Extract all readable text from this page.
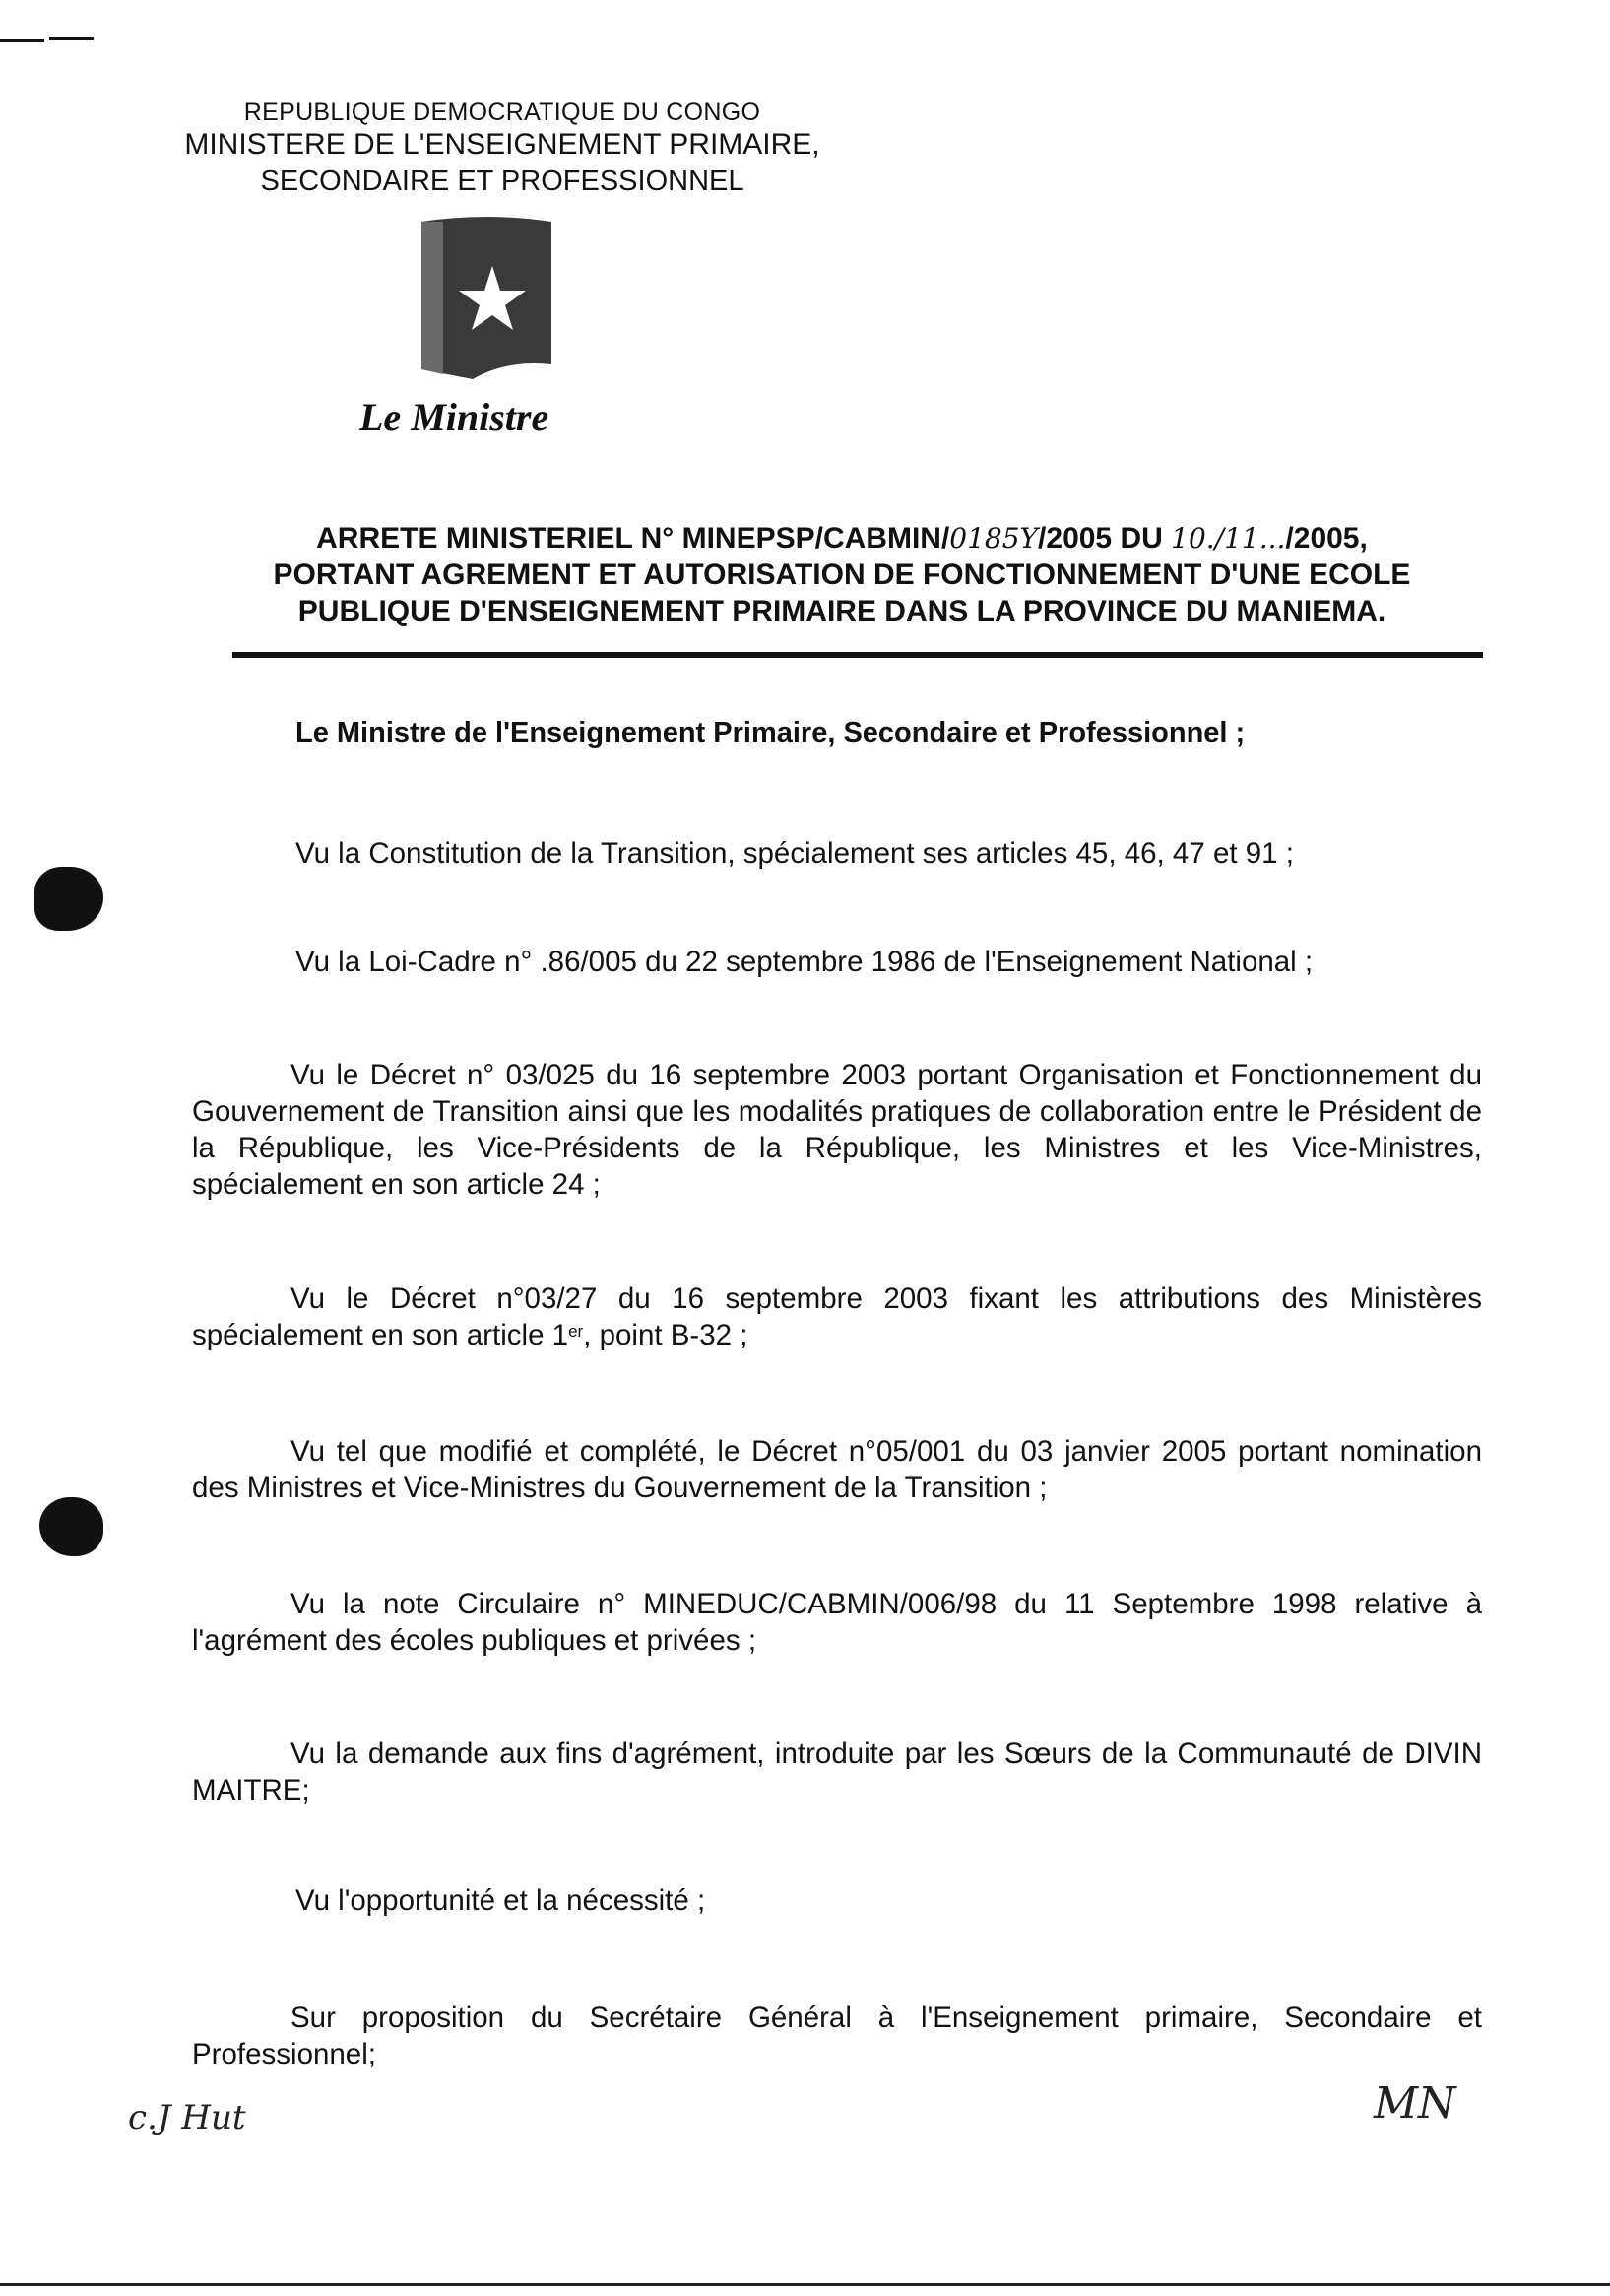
REPUBLIQUE DEMOCRATIQUE DU CONGO
MINISTERE DE L'ENSEIGNEMENT PRIMAIRE,
SECONDAIRE ET PROFESSIONNEL
Le Ministre
ARRETE MINISTERIEL N° MINEPSP/CABMIN/0185Y/2005 DU 10./11.../2005,
PORTANT AGREMENT ET AUTORISATION DE FONCTIONNEMENT D'UNE ECOLE
PUBLIQUE D'ENSEIGNEMENT PRIMAIRE DANS LA PROVINCE DU MANIEMA.
Le Ministre de l'Enseignement Primaire, Secondaire et Professionnel ;
Vu la Constitution de la Transition, spécialement ses articles 45, 46, 47 et 91 ;
Vu la Loi-Cadre n° .86/005 du 22 septembre 1986 de l'Enseignement National ;
Vu le Décret n° 03/025 du 16 septembre 2003 portant Organisation et Fonctionnement du Gouvernement de Transition ainsi que les modalités pratiques de collaboration entre le Président de la République, les Vice-Présidents de la République, les Ministres et les Vice-Ministres, spécialement en son article 24 ;
Vu le Décret n°03/27 du 16 septembre 2003 fixant les attributions des Ministères spécialement en son article 1er, point B-32 ;
Vu tel que modifié et complété, le Décret n°05/001 du 03 janvier 2005 portant nomination des Ministres et Vice-Ministres du Gouvernement de la Transition ;
Vu la note Circulaire n° MINEDUC/CABMIN/006/98 du 11 Septembre 1998 relative à l'agrément des écoles publiques et privées ;
Vu la demande aux fins d'agrément, introduite par les Sœurs de la Communauté de DIVIN MAITRE;
Vu l'opportunité et la nécessité ;
Sur proposition du Secrétaire Général à l'Enseignement primaire, Secondaire et Professionnel;
c.J Hut	MN
